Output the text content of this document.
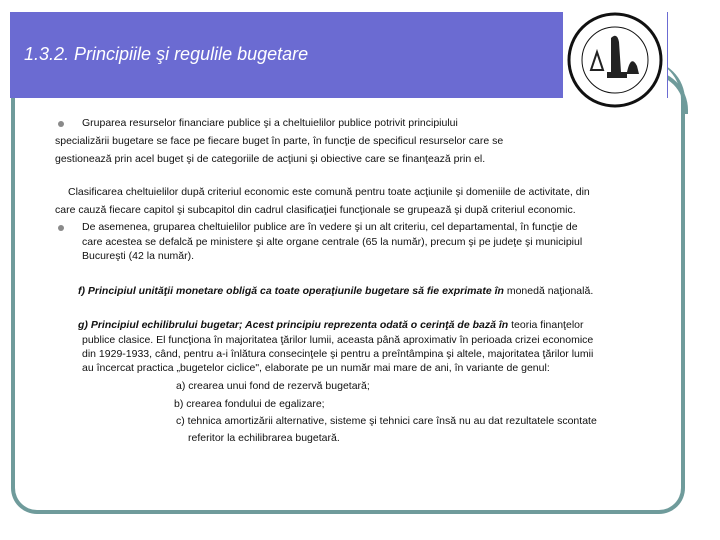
1.3.2. Principiile şi regulile bugetare
Gruparea resurselor financiare publice şi a cheltuielilor publice potrivit principiului
specializării bugetare se face pe fiecare buget în parte, în funcţie de specificul resurselor care se
gestionează prin acel buget şi de categoriile de acţiuni şi obiective care se finanţează prin el.
Clasificarea cheltuielilor după criteriul economic este comună pentru toate acţiunile şi domeniile de activitate, din
care cauză fiecare capitol şi subcapitol din cadrul clasificaţiei funcţionale se grupează şi după criteriul economic.
De asemenea, gruparea cheltuielilor publice are în vedere şi un alt criteriu, cel departamental, în funcţie de
care acestea se defalcă pe ministere şi alte organe centrale (65 la număr), precum şi pe judeţe şi municipiul
Bucureşti (42 la număr).
f) Principiul unităţii monetare obligă ca toate operaţiunile bugetare să fie exprimate în monedă naţională.
g) Principiul echilibrului bugetar; Acest principiu reprezenta odată o cerinţă de bază în teoria finanţelor
publice clasice. El funcţiona în majoritatea ţărilor lumii, aceasta până aproximativ în perioada crizei economice
din 1929-1933, când, pentru a-i înlătura consecinţele şi pentru a preîntâmpina şi altele, majoritatea ţărilor lumii
au încercat practica „bugetelor ciclice", elaborate pe un număr mai mare de ani, în variante de genul:
a) crearea unui fond de rezervă bugetară;
b) crearea fondului de egalizare;
c) tehnica amortizării alternative, sisteme şi tehnici care însă nu au dat rezultatele scontate
referitor la echilibrarea bugetară.
